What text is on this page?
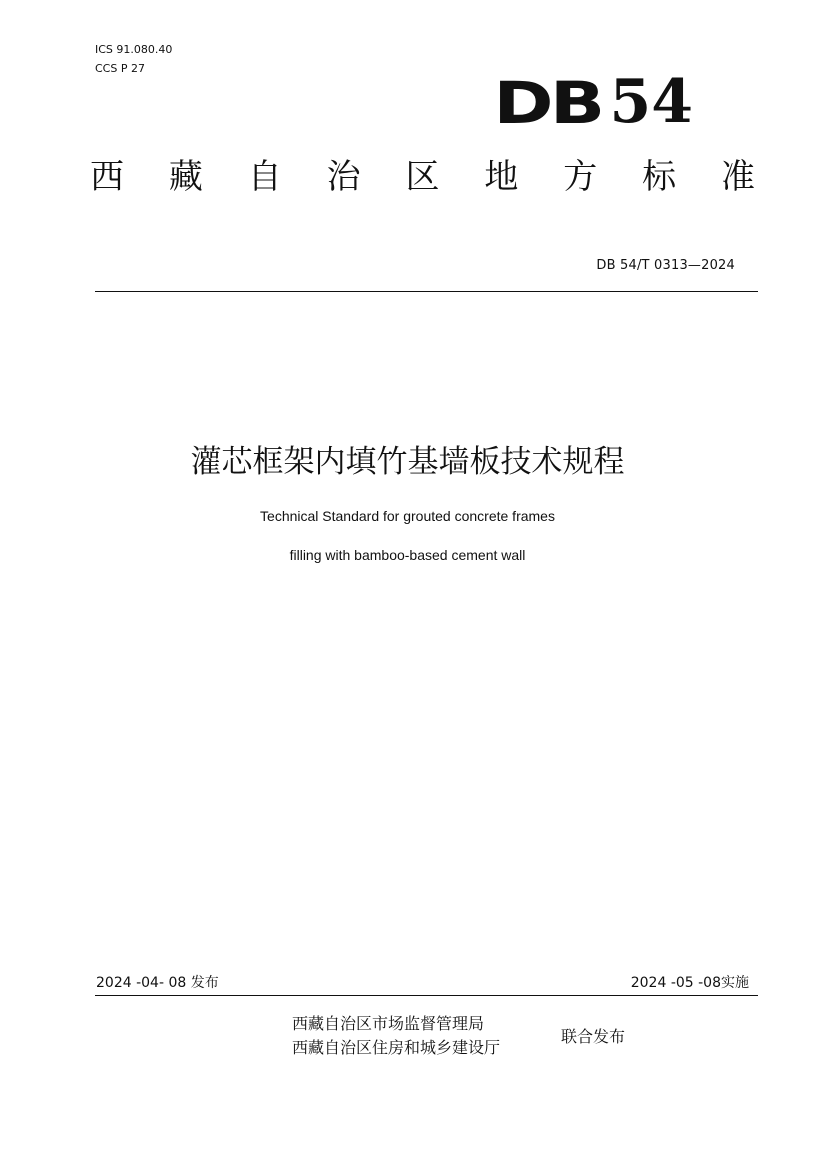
ICS 91.080.40
CCS P 27
DB 54
西 藏 自 治 区 地 方 标 准
DB 54/T 0313—2024
灌芯框架内填竹基墙板技术规程
Technical Standard for grouted concrete frames
filling with bamboo-based cement wall
2024 -04- 08 发布	2024 -05 -08实施
西藏自治区市场监督管理局
西藏自治区住房和城乡建设厅
联合发布
